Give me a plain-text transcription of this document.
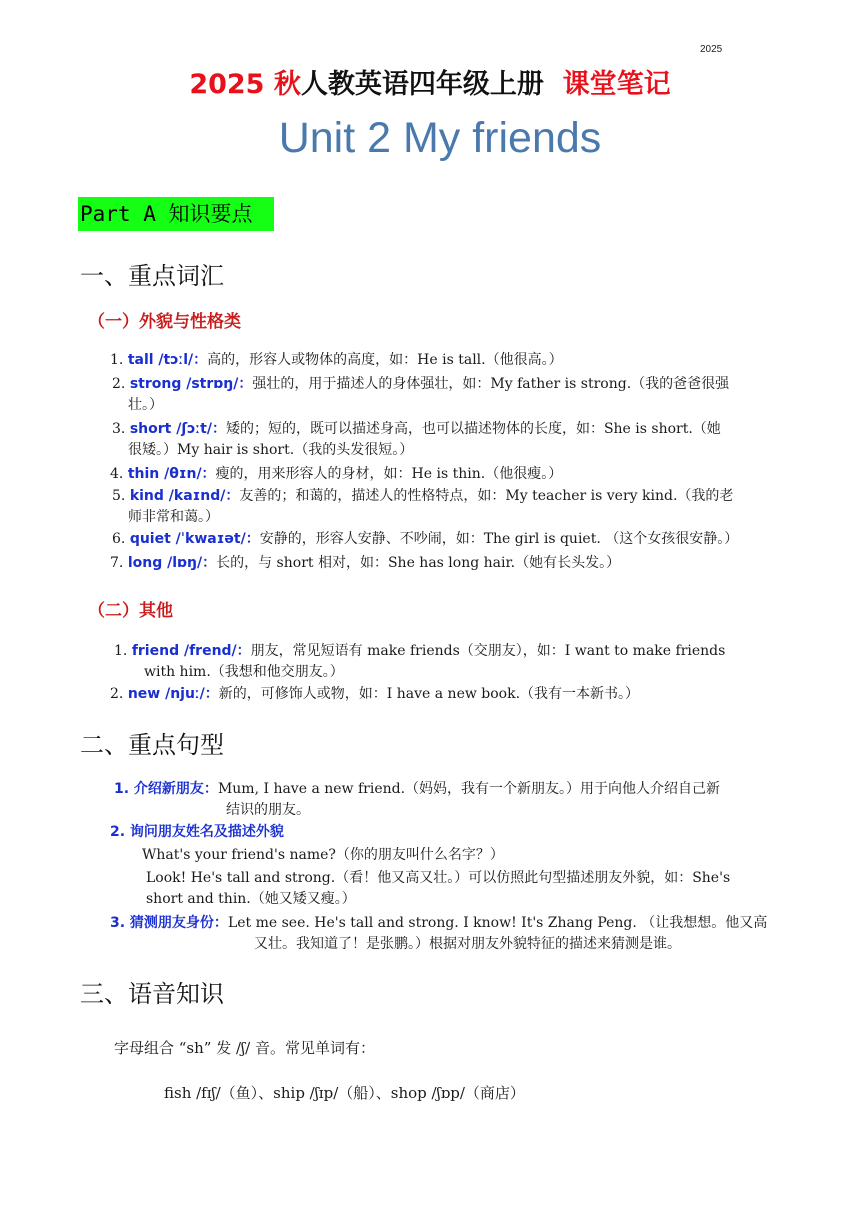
2025
2025 秋人教英语四年级上册 课堂笔记
Unit 2 My friends
Part A 知识要点
一、重点词汇
（一）外貌与性格类
1. tall /tɔːl/：高的，形容人或物体的高度，如：He is tall.（他很高。）
2. strong /strɒŋ/：强壮的，用于描述人的身体强壮，如：My father is strong.（我的爸爸很强
壮。）
3. short /ʃɔːt/：矮的；短的，既可以描述身高，也可以描述物体的长度，如：She is short.（她
很矮。）My hair is short.（我的头发很短。）
4. thin /θɪn/：瘦的，用来形容人的身材，如：He is thin.（他很瘦。）
5. kind /kaɪnd/：友善的；和蔼的，描述人的性格特点，如：My teacher is very kind.（我的老
师非常和蔼。）
6. quiet /ˈkwaɪət/：安静的，形容人安静、不吵闹，如：The girl is quiet. （这个女孩很安静。）
7. long /lɒŋ/：长的，与 short 相对，如：She has long hair.（她有长头发。）
（二）其他
1. friend /frend/：朋友，常见短语有 make friends（交朋友），如：I want to make friends
with him.（我想和他交朋友。）
2. new /njuː/：新的，可修饰人或物，如：I have a new book.（我有一本新书。）
二、重点句型
1. 介绍新朋友：Mum, I have a new friend.（妈妈，我有一个新朋友。）用于向他人介绍自己新
结识的朋友。
2. 询问朋友姓名及描述外貌
What's your friend's name?（你的朋友叫什么名字？）
Look! He's tall and strong.（看！他又高又壮。）可以仿照此句型描述朋友外貌，如：She's
short and thin.（她又矮又瘦。）
3. 猜测朋友身份：Let me see. He's tall and strong. I know! It's Zhang Peng. （让我想想。他又高
又壮。我知道了！是张鹏。）根据对朋友外貌特征的描述来猜测是谁。
三、语音知识
字母组合 “sh” 发 /ʃ/ 音。常见单词有：
fish /fɪʃ/（鱼）、ship /ʃɪp/（船）、shop /ʃɒp/（商店）
